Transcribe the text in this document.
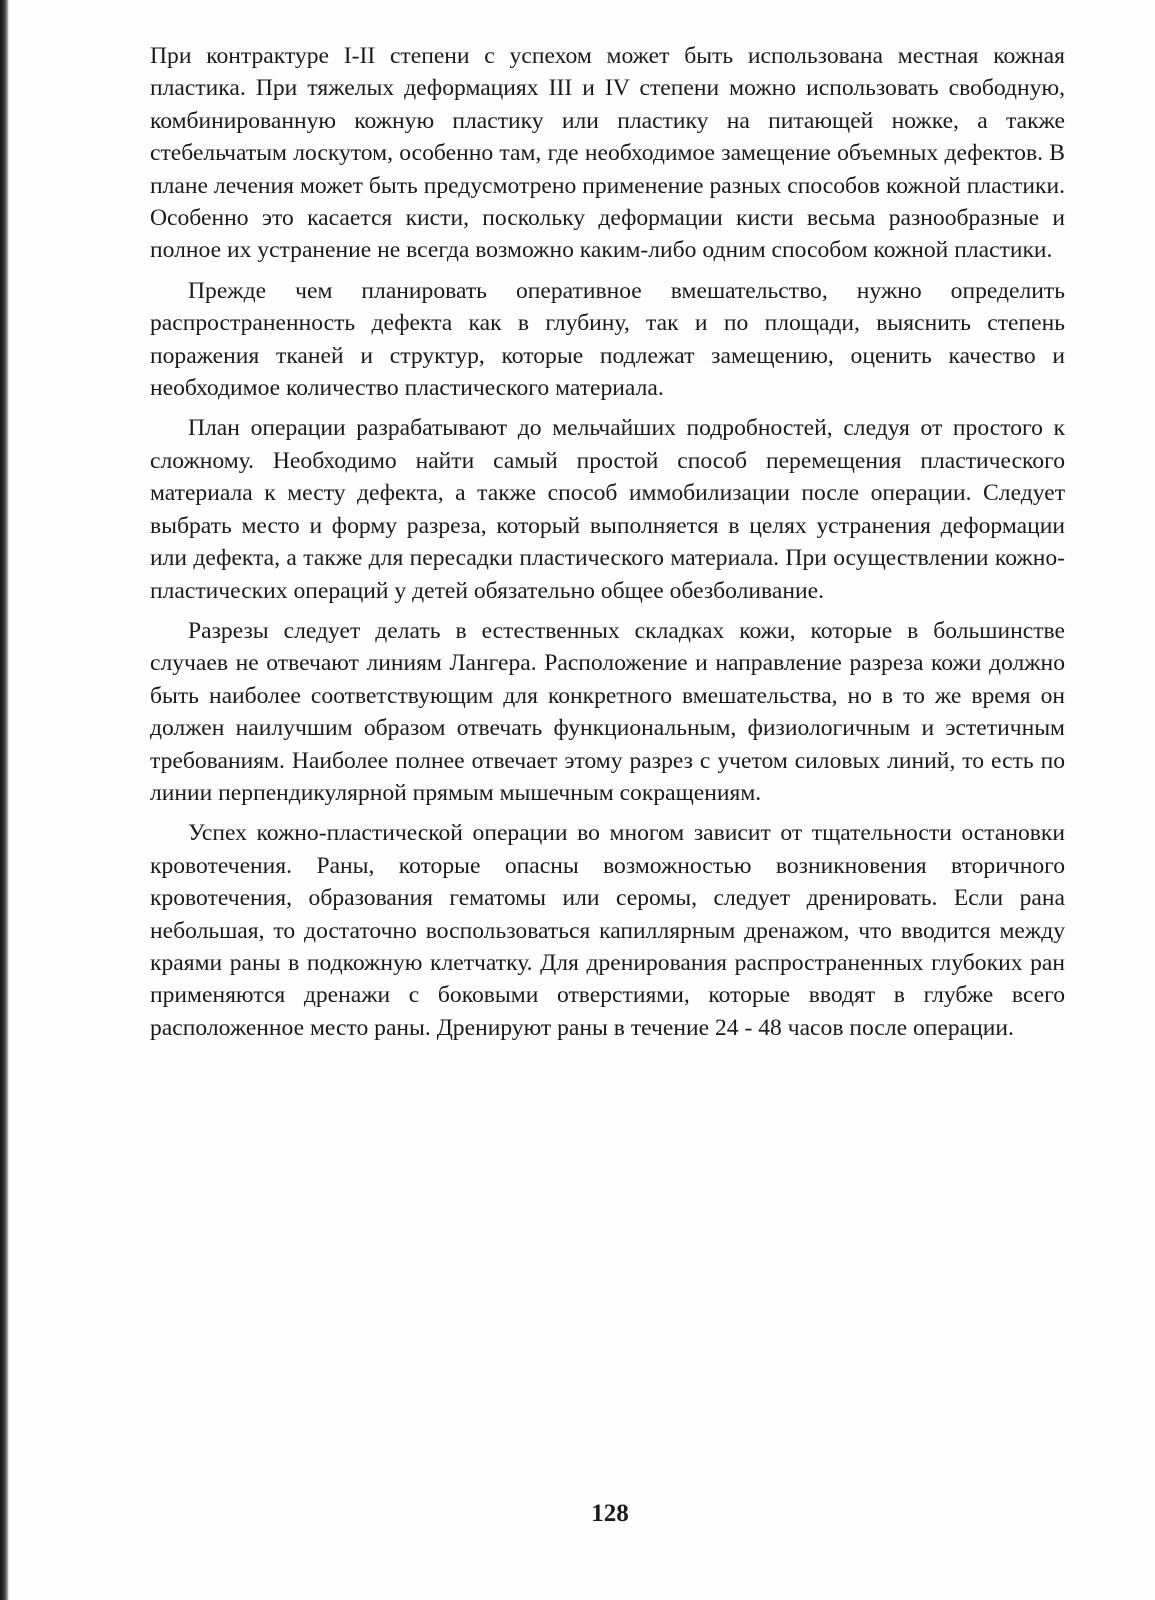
При контрактуре I-II степени с успехом может быть использована местная кожная пластика. При тяжелых деформациях III и IV степени можно использовать свободную, комбинированную кожную пластику или пластику на питающей ножке, а также стебельчатым лоскутом, особенно там, где необходимое замещение объемных дефектов. В плане лечения может быть предусмотрено применение разных способов кожной пластики. Особенно это касается кисти, поскольку деформации кисти весьма разнообразные и полное их устранение не всегда возможно каким-либо одним способом кожной пластики.

Прежде чем планировать оперативное вмешательство, нужно определить распространенность дефекта как в глубину, так и по площади, выяснить степень поражения тканей и структур, которые подлежат замещению, оценить качество и необходимое количество пластического материала.

План операции разрабатывают до мельчайших подробностей, следуя от простого к сложному. Необходимо найти самый простой способ перемещения пластического материала к месту дефекта, а также способ иммобилизации после операции. Следует выбрать место и форму разреза, который выполняется в целях устранения деформации или дефекта, а также для пересадки пластического материала. При осуществлении кожно-пластических операций у детей обязательно общее обезболивание.

Разрезы следует делать в естественных складках кожи, которые в большинстве случаев не отвечают линиям Лангера. Расположение и направление разреза кожи должно быть наиболее соответствующим для конкретного вмешательства, но в то же время он должен наилучшим образом отвечать функциональным, физиологичным и эстетичным требованиям. Наиболее полнее отвечает этому разрез с учетом силовых линий, то есть по линии перпендикулярной прямым мышечным сокращениям.

Успех кожно-пластической операции во многом зависит от тщательности остановки кровотечения. Раны, которые опасны возможностью возникновения вторичного кровотечения, образования гематомы или серомы, следует дренировать. Если рана небольшая, то достаточно воспользоваться капиллярным дренажом, что вводится между краями раны в подкожную клетчатку. Для дренирования распространенных глубоких ран применяются дренажи с боковыми отверстиями, которые вводят в глубже всего расположенное место раны. Дренируют раны в течение 24 - 48 часов после операции.

128
